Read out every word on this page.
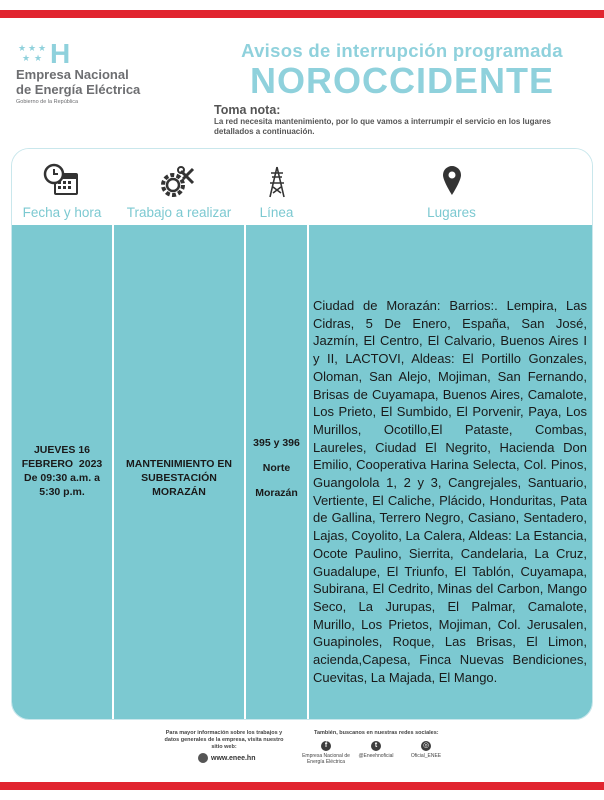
★ ★ ★
★ ★ H
Empresa Nacional
de Energía Eléctrica
Gobierno de la República
Avisos de interrupción programada
NOROCCIDENTE
Toma nota:
La red necesita mantenimiento, por lo que vamos a interrumpir el servicio en los lugares detallados a continuación.
Fecha y hora
JUEVES 16
FEBRERO  2023
De 09:30 a.m. a
5:30 p.m.
Trabajo a realizar
MANTENIMIENTO EN
SUBESTACIÓN MORAZÁN
Línea
395 y 396
Norte
Morazán
Lugares
Ciudad de Morazán: Barrios:. Lempira, Las Cidras, 5 De Enero, España, San José, Jazmín, El Centro, El Calvario, Buenos Aires I y II, LACTOVI, Aldeas: El Portillo Gonzales, Oloman, San Alejo, Mojiman, San Fernando, Brisas de Cuyamapa, Buenos Aires, Camalote, Los Prieto, El Sumbido, El Porvenir, Paya, Los Murillos, Ocotillo,El Pataste, Combas, Laureles, Ciudad El Negrito, Hacienda Don Emilio, Cooperativa Harina Selecta, Col. Pinos, Guangolola 1, 2 y 3, Cangrejales, Santuario, Vertiente, El Caliche, Plácido, Honduritas, Pata de Gallina, Terrero Negro, Casiano, Sentadero, Lajas, Coyolito, La Calera, Aldeas: La Estancia, Ocote Paulino, Sierrita, Candelaria, La Cruz, Guadalupe, El Triunfo, El Tablón, Cuyamapa, Subirana, El Cedrito, Minas del Carbon, Mango Seco, La Jurupas, El Palmar, Camalote, Murillo, Los Prietos, Mojiman, Col. Jerusalen, Guapinoles, Roque, Las Brisas, El Limon, acienda,Capesa, Finca Nuevas Bendiciones, Cuevitas, La Majada, El Mango.
Para mayor información sobre los trabajos y datos generales de la empresa, visita nuestro sitio web:
www.enee.hn
También, buscanos en nuestras redes sociales:
f
Empresa Nacional de
Energía Eléctrica
t
@Eneehnoficial
◎
Oficial_ENEE
